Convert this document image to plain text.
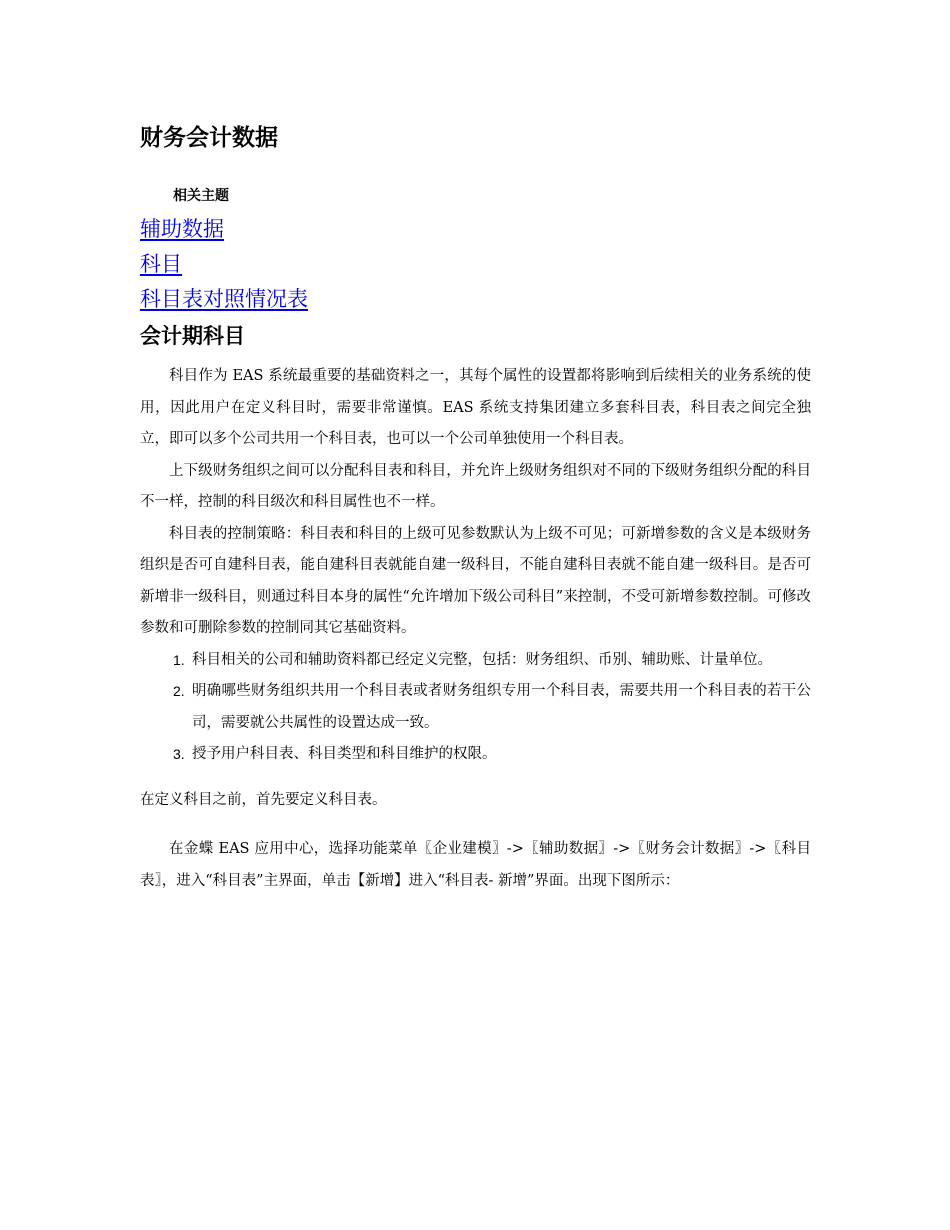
财务会计数据
相关主题
辅助数据
科目
科目表对照情况表
会计期科目

科目作为 EAS 系统最重要的基础资料之一，其每个属性的设置都将影响到后续相关的业务系统的使用，因此用户在定义科目时，需要非常谨慎。EAS 系统支持集团建立多套科目表，科目表之间完全独立，即可以多个公司共用一个科目表，也可以一个公司单独使用一个科目表。

上下级财务组织之间可以分配科目表和科目，并允许上级财务组织对不同的下级财务组织分配的科目不一样，控制的科目级次和科目属性也不一样。

科目表的控制策略：科目表和科目的上级可见参数默认为上级不可见；可新增参数的含义是本级财务组织是否可自建科目表，能自建科目表就能自建一级科目，不能自建科目表就不能自建一级科目。是否可新增非一级科目，则通过科目本身的属性“允许增加下级公司科目”来控制，不受可新增参数控制。可修改参数和可删除参数的控制同其它基础资料。

1. 科目相关的公司和辅助资料都已经定义完整，包括：财务组织、币别、辅助账、计量单位。
2. 明确哪些财务组织共用一个科目表或者财务组织专用一个科目表，需要共用一个科目表的若干公司，需要就公共属性的设置达成一致。
3. 授予用户科目表、科目类型和科目维护的权限。

在定义科目之前，首先要定义科目表。

在金蝶 EAS 应用中心，选择功能菜单〖企业建模〗->〖辅助数据〗->〖财务会计数据〗->〖科目表〗，进入“科目表”主界面，单击【新增】进入“科目表- 新增”界面。出现下图所示：
